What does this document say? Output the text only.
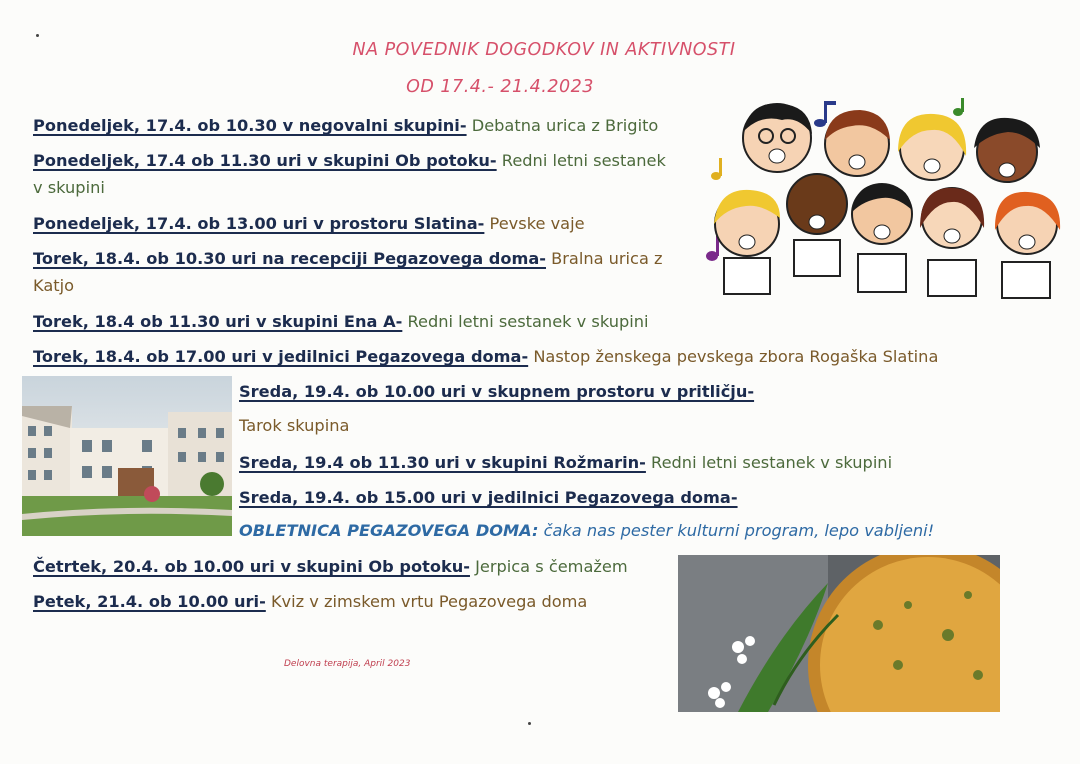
NA POVEDNIK DOGODKOV IN AKTIVNOSTI
OD 17.4.- 21.4.2023
Ponedeljek, 17.4. ob 10.30 v negovalni skupini- Debatna urica z Brigito
Ponedeljek, 17.4 ob 11.30 uri v skupini Ob potoku- Redni letni sestanek
v skupini
Ponedeljek, 17.4. ob 13.00 uri v prostoru Slatina- Pevske vaje
Torek, 18.4. ob 10.30 uri na recepciji Pegazovega doma- Bralna urica z
Katjo
Torek, 18.4 ob 11.30 uri v skupini Ena A- Redni letni sestanek v skupini
Torek, 18.4. ob 17.00 uri v jedilnici Pegazovega doma- Nastop ženskega pevskega zbora Rogaška Slatina
Sreda, 19.4. ob 10.00 uri v skupnem prostoru v pritličju-
Tarok skupina
Sreda, 19.4 ob 11.30 uri v skupini Rožmarin- Redni letni sestanek v skupini
Sreda, 19.4. ob 15.00 uri v jedilnici Pegazovega doma-
OBLETNICA PEGAZOVEGA DOMA: čaka nas pester kulturni program, lepo vabljeni!
Četrtek, 20.4. ob 10.00 uri v skupini Ob potoku- Jerpica s čemažem
Petek, 21.4. ob 10.00 uri- Kviz v zimskem vrtu Pegazovega doma
Delovna terapija, April 2023
